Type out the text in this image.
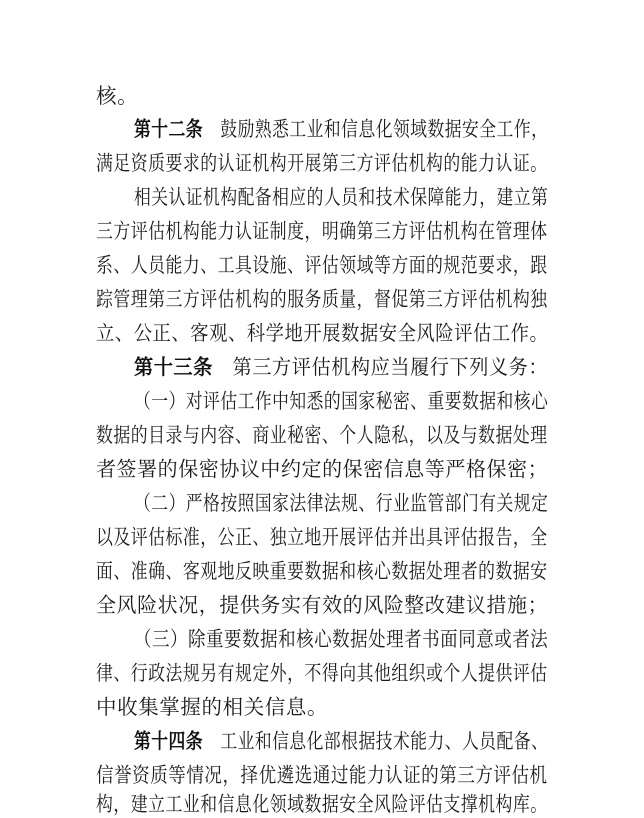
核。
第十二条  鼓励熟悉工业和信息化领域数据安全工作，
满足资质要求的认证机构开展第三方评估机构的能力认证。
相关认证机构配备相应的人员和技术保障能力，建立第
三方评估机构能力认证制度，明确第三方评估机构在管理体
系、人员能力、工具设施、评估领域等方面的规范要求，跟
踪管理第三方评估机构的服务质量，督促第三方评估机构独
立、公正、客观、科学地开展数据安全风险评估工作。
第十三条  第三方评估机构应当履行下列义务：
（一）对评估工作中知悉的国家秘密、重要数据和核心
数据的目录与内容、商业秘密、个人隐私，以及与数据处理
者签署的保密协议中约定的保密信息等严格保密；
（二）严格按照国家法律法规、行业监管部门有关规定
以及评估标准，公正、独立地开展评估并出具评估报告，全
面、准确、客观地反映重要数据和核心数据处理者的数据安
全风险状况，提供务实有效的风险整改建议措施；
（三）除重要数据和核心数据处理者书面同意或者法
律、行政法规另有规定外，不得向其他组织或个人提供评估
中收集掌握的相关信息。
第十四条  工业和信息化部根据技术能力、人员配备、
信誉资质等情况，择优遴选通过能力认证的第三方评估机
构，建立工业和信息化领域数据安全风险评估支撑机构库。
